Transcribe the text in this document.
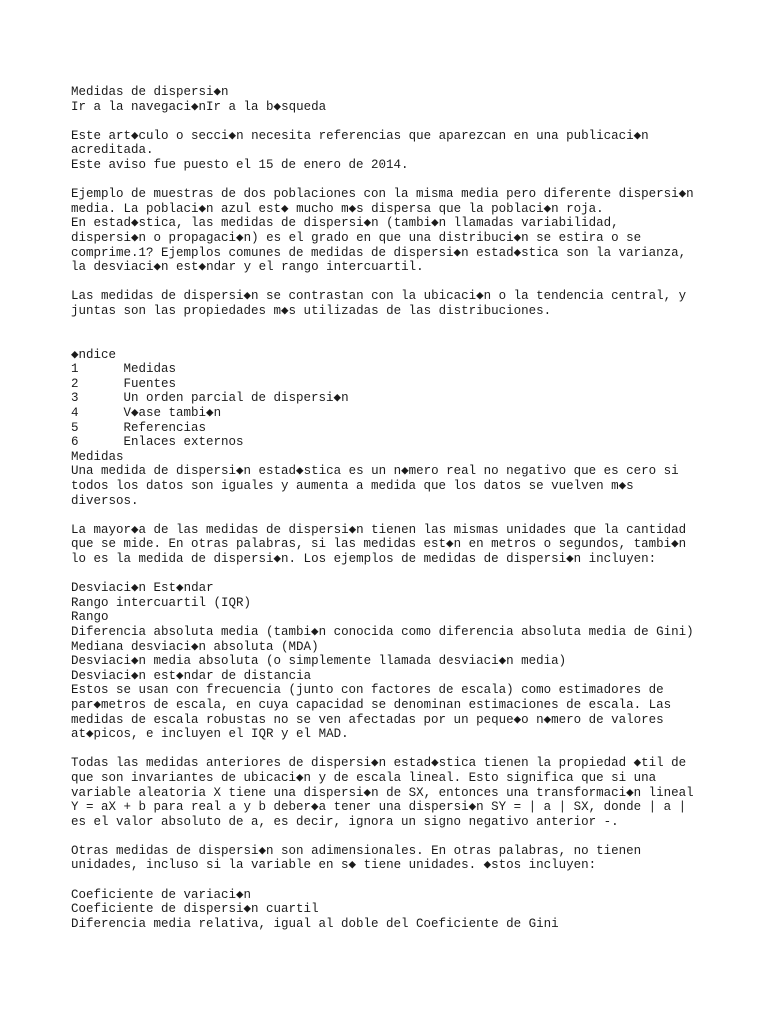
Medidas de dispersi◆n

Ir a la navegaci◆nIr a la b◆squeda

Este art◆culo o secci◆n necesita referencias que aparezcan en una publicaci◆n

acreditada.

Este aviso fue puesto el 15 de enero de 2014.

Ejemplo de muestras de dos poblaciones con la misma media pero diferente dispersi◆n

media. La poblaci◆n azul est◆ mucho m◆s dispersa que la poblaci◆n roja.

En estad◆stica, las medidas de dispersi◆n (tambi◆n llamadas variabilidad,

dispersi◆n o propagaci◆n) es el grado en que una distribuci◆n se estira o se

comprime.1? Ejemplos comunes de medidas de dispersi◆n estad◆stica son la varianza,

la desviaci◆n est◆ndar y el rango intercuartil.

Las medidas de dispersi◆n se contrastan con la ubicaci◆n o la tendencia central, y

juntas son las propiedades m◆s utilizadas de las distribuciones.

◆ndice

1      Medidas

2      Fuentes

3      Un orden parcial de dispersi◆n

4      V◆ase tambi◆n

5      Referencias

6      Enlaces externos

Medidas

Una medida de dispersi◆n estad◆stica es un n◆mero real no negativo que es cero si

todos los datos son iguales y aumenta a medida que los datos se vuelven m◆s

diversos.

La mayor◆a de las medidas de dispersi◆n tienen las mismas unidades que la cantidad

que se mide. En otras palabras, si las medidas est◆n en metros o segundos, tambi◆n

lo es la medida de dispersi◆n. Los ejemplos de medidas de dispersi◆n incluyen:

Desviaci◆n Est◆ndar

Rango intercuartil (IQR)

Rango

Diferencia absoluta media (tambi◆n conocida como diferencia absoluta media de Gini)

Mediana desviaci◆n absoluta (MDA)

Desviaci◆n media absoluta (o simplemente llamada desviaci◆n media)

Desviaci◆n est◆ndar de distancia

Estos se usan con frecuencia (junto con factores de escala) como estimadores de

par◆metros de escala, en cuya capacidad se denominan estimaciones de escala. Las

medidas de escala robustas no se ven afectadas por un peque◆o n◆mero de valores

at◆picos, e incluyen el IQR y el MAD.

Todas las medidas anteriores de dispersi◆n estad◆stica tienen la propiedad ◆til de

que son invariantes de ubicaci◆n y de escala lineal. Esto significa que si una

variable aleatoria X tiene una dispersi◆n de SX, entonces una transformaci◆n lineal

Y = aX + b para real a y b deber◆a tener una dispersi◆n SY = | a | SX, donde | a |

es el valor absoluto de a, es decir, ignora un signo negativo anterior -.

Otras medidas de dispersi◆n son adimensionales. En otras palabras, no tienen

unidades, incluso si la variable en s◆ tiene unidades. ◆stos incluyen:

Coeficiente de variaci◆n

Coeficiente de dispersi◆n cuartil

Diferencia media relativa, igual al doble del Coeficiente de Gini
